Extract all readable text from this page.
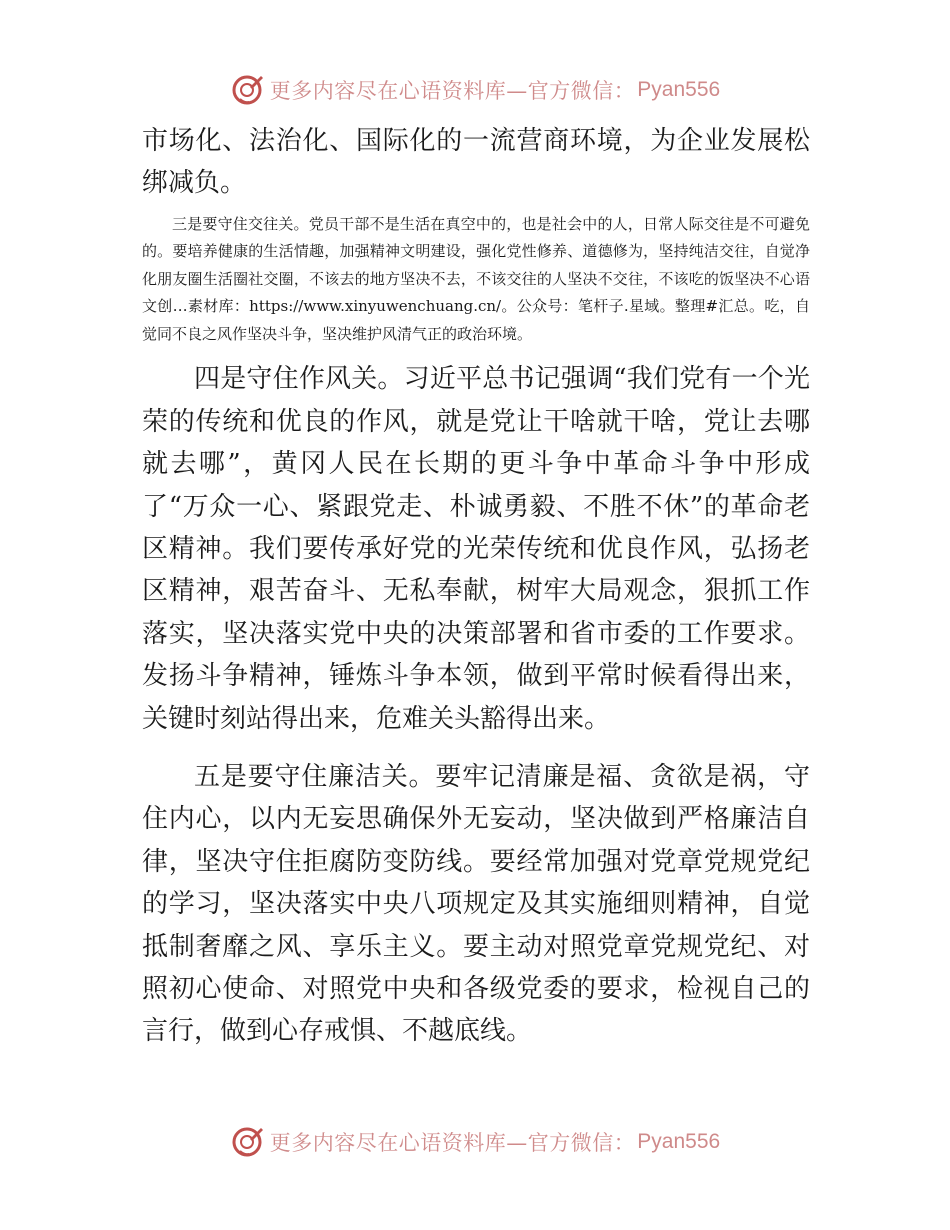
更多内容尽在心语资料库—官方微信： Pyan556

市场化、法治化、国际化的一流营商环境，为企业发展松绑减负。

三是要守住交往关。党员干部不是生活在真空中的，也是社会中的人，日常人际交往是不可避免的。要培养健康的生活情趣，加强精神文明建设，强化党性修养、道德修为，坚持纯洁交往，自觉净化朋友圈生活圈社交圈，不该去的地方坚决不去，不该交往的人坚决不交往，不该吃的饭坚决不心语文创…素材库：https://www.xinyuwenchuang.cn/。公众号：笔杆子.星域。整理#汇总。吃，自觉同不良之风作坚决斗争，坚决维护风清气正的政治环境。

四是守住作风关。习近平总书记强调“我们党有一个光荣的传统和优良的作风，就是党让干啥就干啥，党让去哪就去哪”，黄冈人民在长期的更斗争中革命斗争中形成了“万众一心、紧跟党走、朴诚勇毅、不胜不休”的革命老区精神。我们要传承好党的光荣传统和优良作风，弘扬老区精神，艰苦奋斗、无私奉献，树牢大局观念，狠抓工作落实，坚决落实党中央的决策部署和省市委的工作要求。发扬斗争精神，锤炼斗争本领，做到平常时候看得出来，关键时刻站得出来，危难关头豁得出来。

五是要守住廉洁关。要牢记清廉是福、贪欲是祸，守住内心，以内无妄思确保外无妄动，坚决做到严格廉洁自律，坚决守住拒腐防变防线。要经常加强对党章党规党纪的学习，坚决落实中央八项规定及其实施细则精神，自觉抵制奢靡之风、享乐主义。要主动对照党章党规党纪、对照初心使命、对照党中央和各级党委的要求，检视自己的言行，做到心存戒惧、不越底线。

更多内容尽在心语资料库—官方微信： Pyan556
